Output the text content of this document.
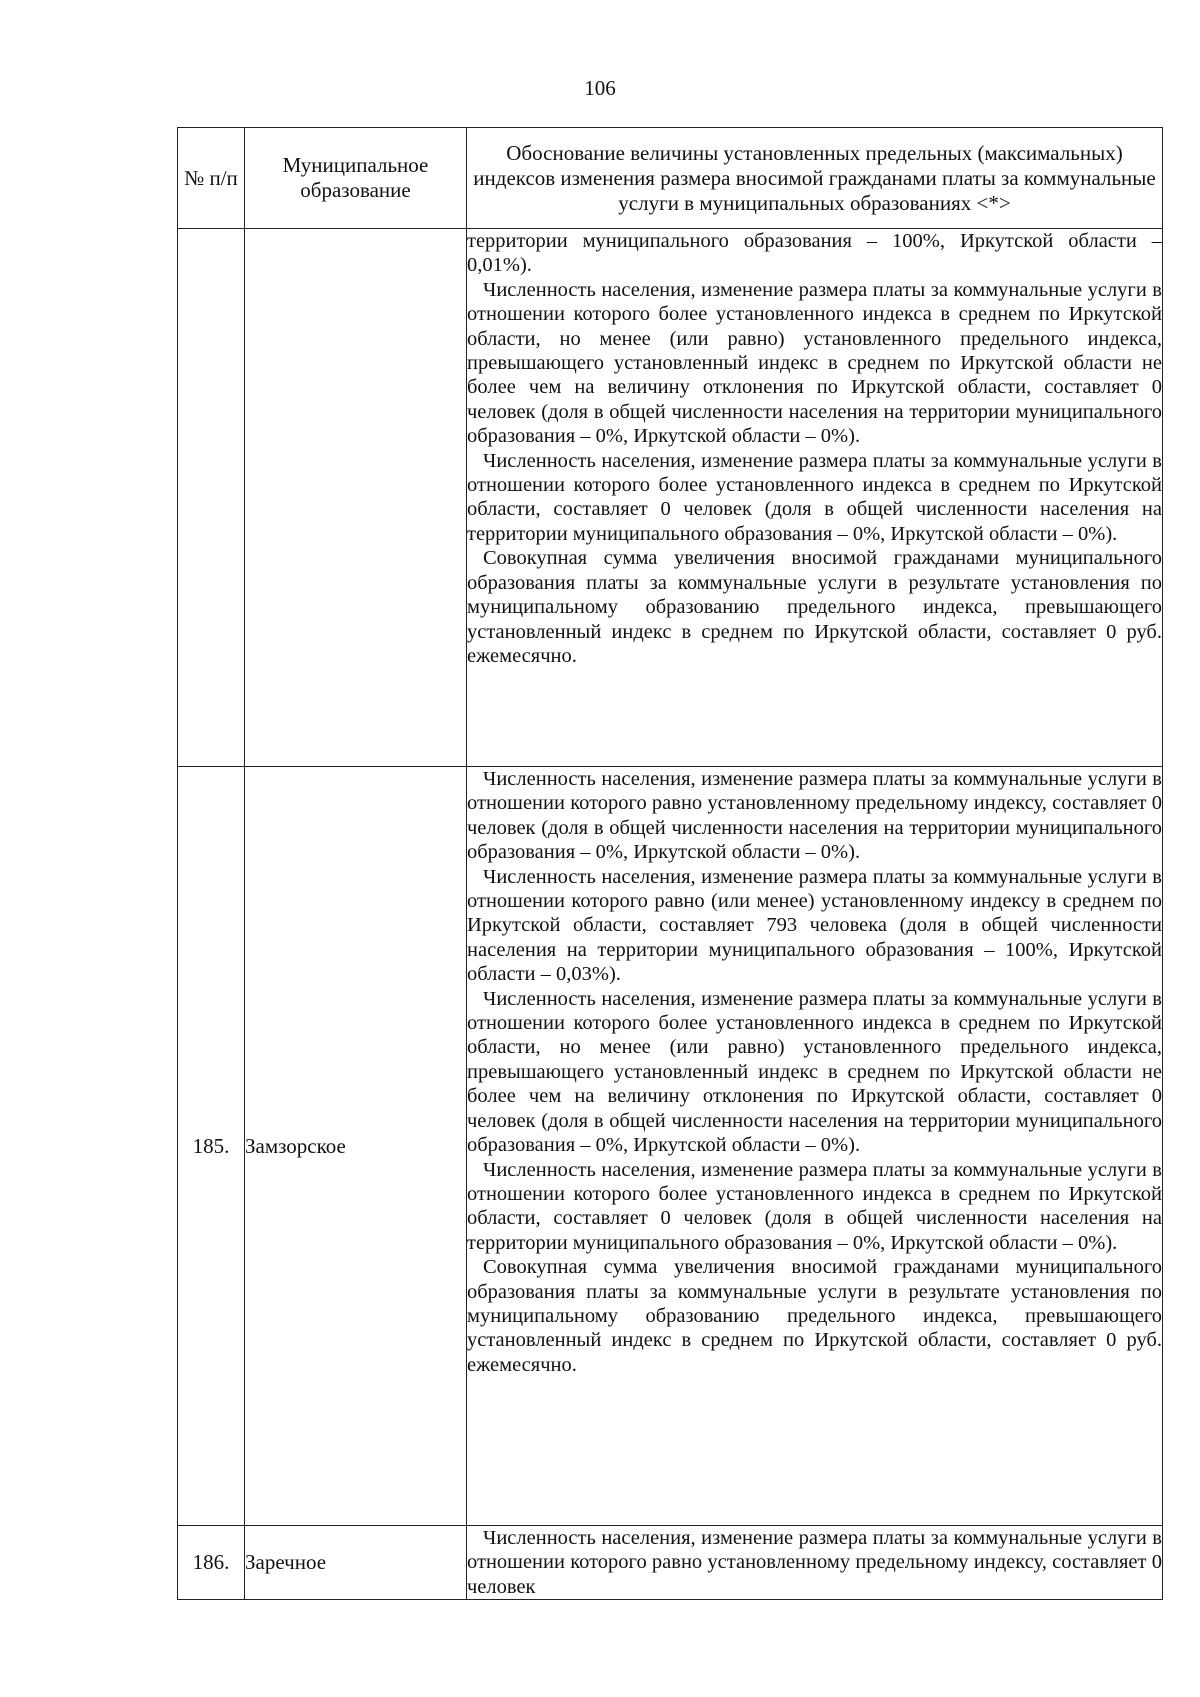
106
№ п/п	Муниципальное образование	Обоснование величины установленных предельных (максимальных) индексов изменения размера вносимой гражданами платы за коммунальные услуги в муниципальных образованиях <*>

		территории муниципального образования – 100%, Иркутской области – 0,01%).

Численность населения, изменение размера платы за коммунальные услуги в отношении которого более установленного индекса в среднем по Иркутской области, но менее (или равно) установленного предельного индекса, превышающего установленный индекс в среднем по Иркутской области не более чем на величину отклонения по Иркутской области, составляет 0 человек (доля в общей численности населения на территории муниципального образования – 0%, Иркутской области – 0%).

Численность населения, изменение размера платы за коммунальные услуги в отношении которого более установленного индекса в среднем по Иркутской области, составляет 0 человек (доля в общей численности населения на территории муниципального образования – 0%, Иркутской области – 0%).

Совокупная сумма увеличения вносимой гражданами муниципального образования платы за коммунальные услуги в результате установления по муниципальному образованию предельного индекса, превышающего установленный индекс в среднем по Иркутской области, составляет 0 руб. ежемесячно.

185.	Замзорское	Численность населения, изменение размера платы за коммунальные услуги в отношении которого равно установленному предельному индексу, составляет 0 человек (доля в общей численности населения на территории муниципального образования – 0%, Иркутской области – 0%).

Численность населения, изменение размера платы за коммунальные услуги в отношении которого равно (или менее) установленному индексу в среднем по Иркутской области, составляет 793 человека (доля в общей численности населения на территории муниципального образования – 100%, Иркутской области – 0,03%).

Численность населения, изменение размера платы за коммунальные услуги в отношении которого более установленного индекса в среднем по Иркутской области, но менее (или равно) установленного предельного индекса, превышающего установленный индекс в среднем по Иркутской области не более чем на величину отклонения по Иркутской области, составляет 0 человек (доля в общей численности населения на территории муниципального образования – 0%, Иркутской области – 0%).

Численность населения, изменение размера платы за коммунальные услуги в отношении которого более установленного индекса в среднем по Иркутской области, составляет 0 человек (доля в общей численности населения на территории муниципального образования – 0%, Иркутской области – 0%).

Совокупная сумма увеличения вносимой гражданами муниципального образования платы за коммунальные услуги в результате установления по муниципальному образованию предельного индекса, превышающего установленный индекс в среднем по Иркутской области, составляет 0 руб. ежемесячно.

186.	Заречное	Численность населения, изменение размера платы за коммунальные услуги в отношении которого равно установленному предельному индексу, составляет 0 человек
